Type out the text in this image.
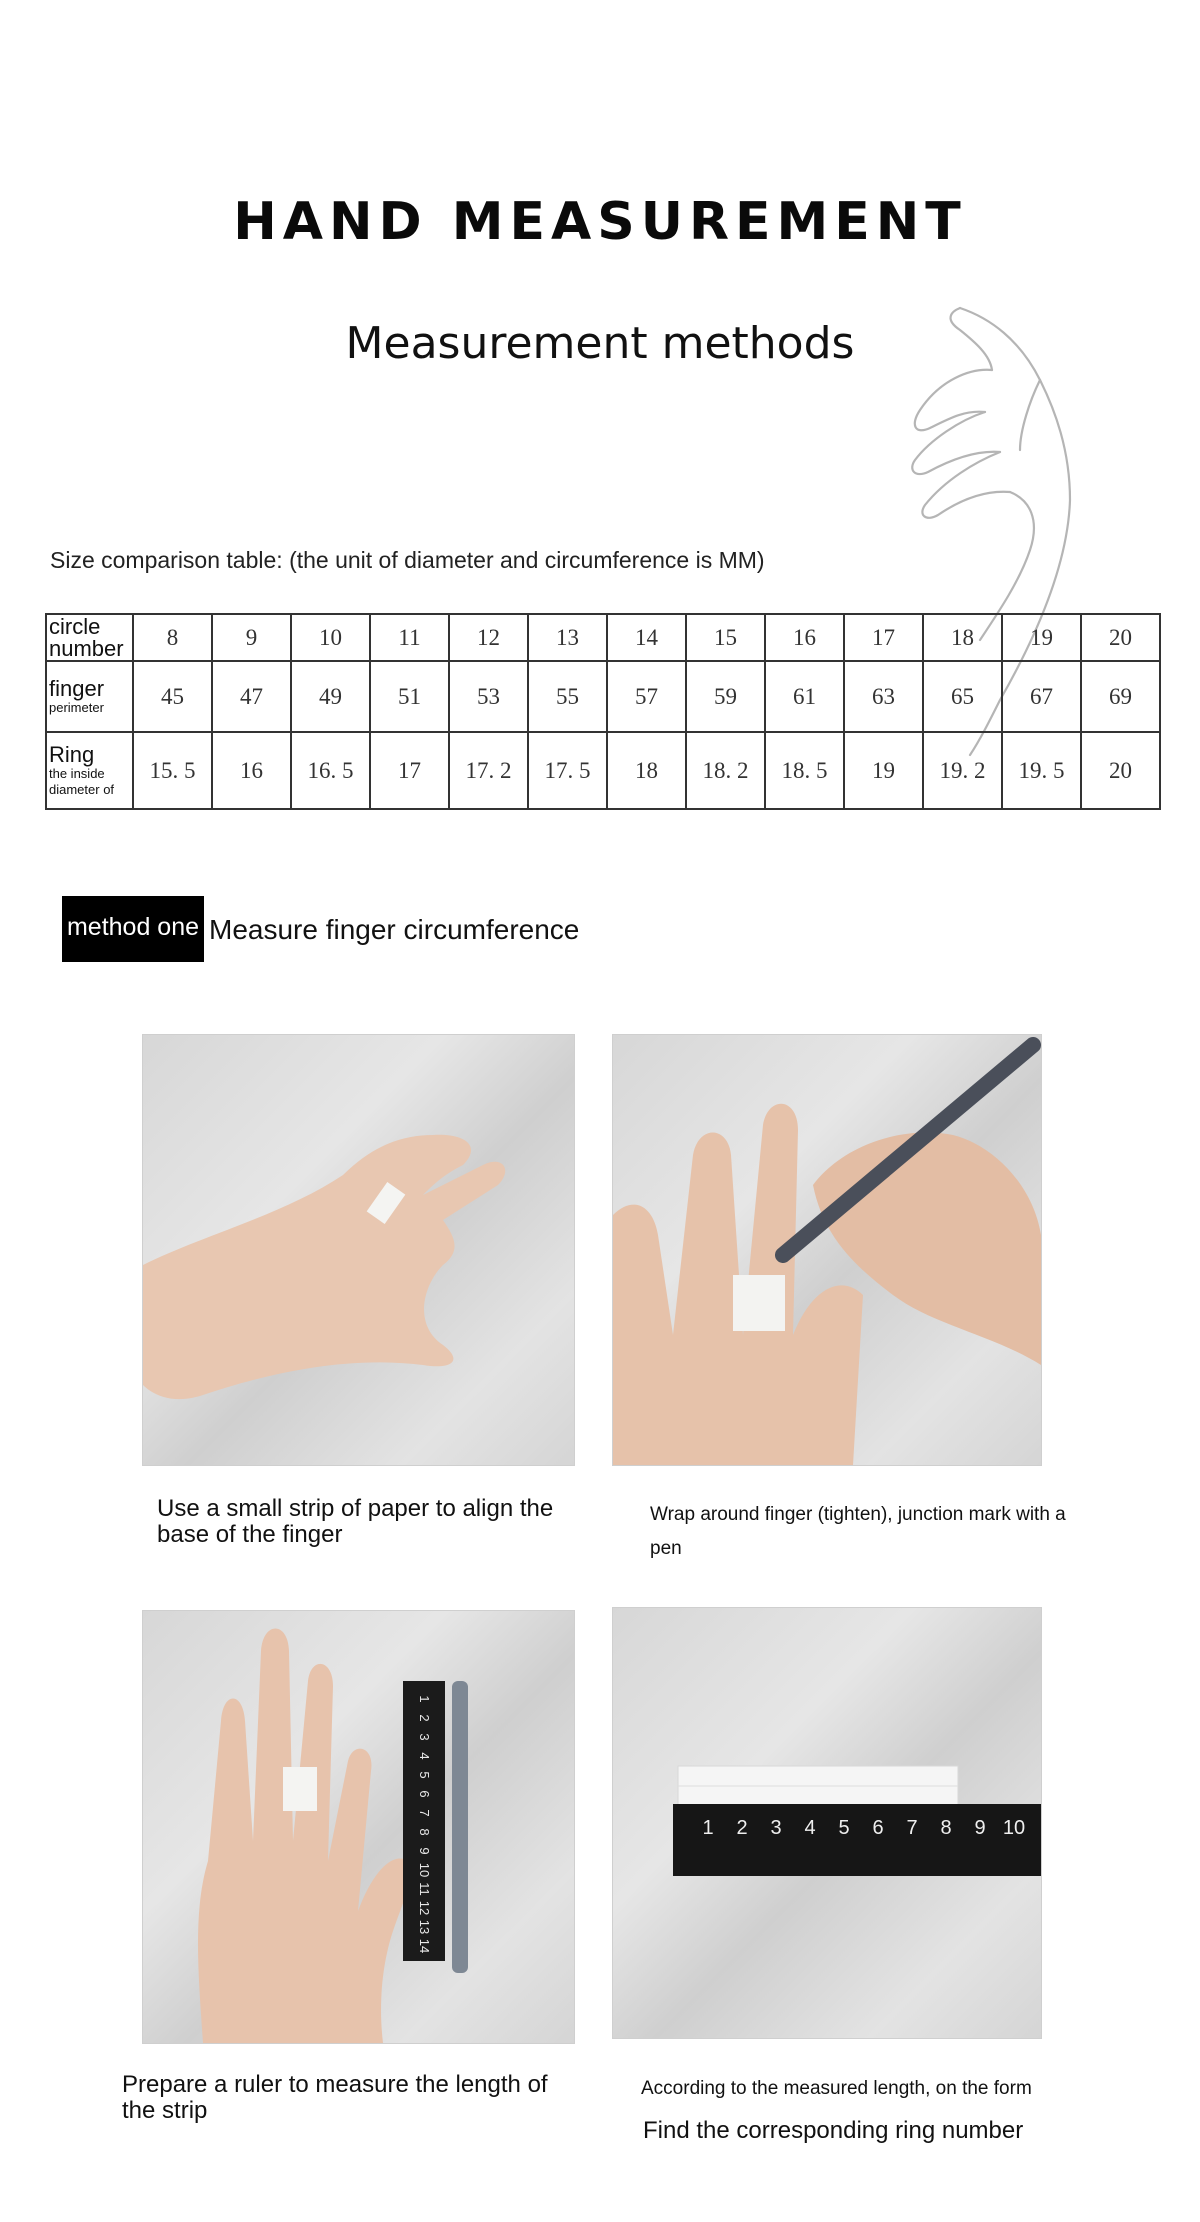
HAND MEASUREMENT
Measurement methods
Size comparison table: (the unit of diameter and circumference is MM)
circle number	8	9	10	11	12	13	14	15	16	17	18	19	20

finger
perimeter	45	47	49	51	53	55	57	59	61	63	65	67	69

Ring
the inside diameter of	15. 5	16	16. 5	17	17. 2	17. 5	18	18. 2	18. 5	19	19. 2	19. 5	20
method one Measure finger circumference
Use a small strip of paper to align the base of the finger
Wrap around finger (tighten), junction mark with a pen
1
2
3
4
5
6
7
8
9
10
11
12
13
14
Prepare a ruler to measure the length of the strip
1 2 3 4 5 6 7 8 9 10
According to the measured length, on the form
Find the corresponding ring number
